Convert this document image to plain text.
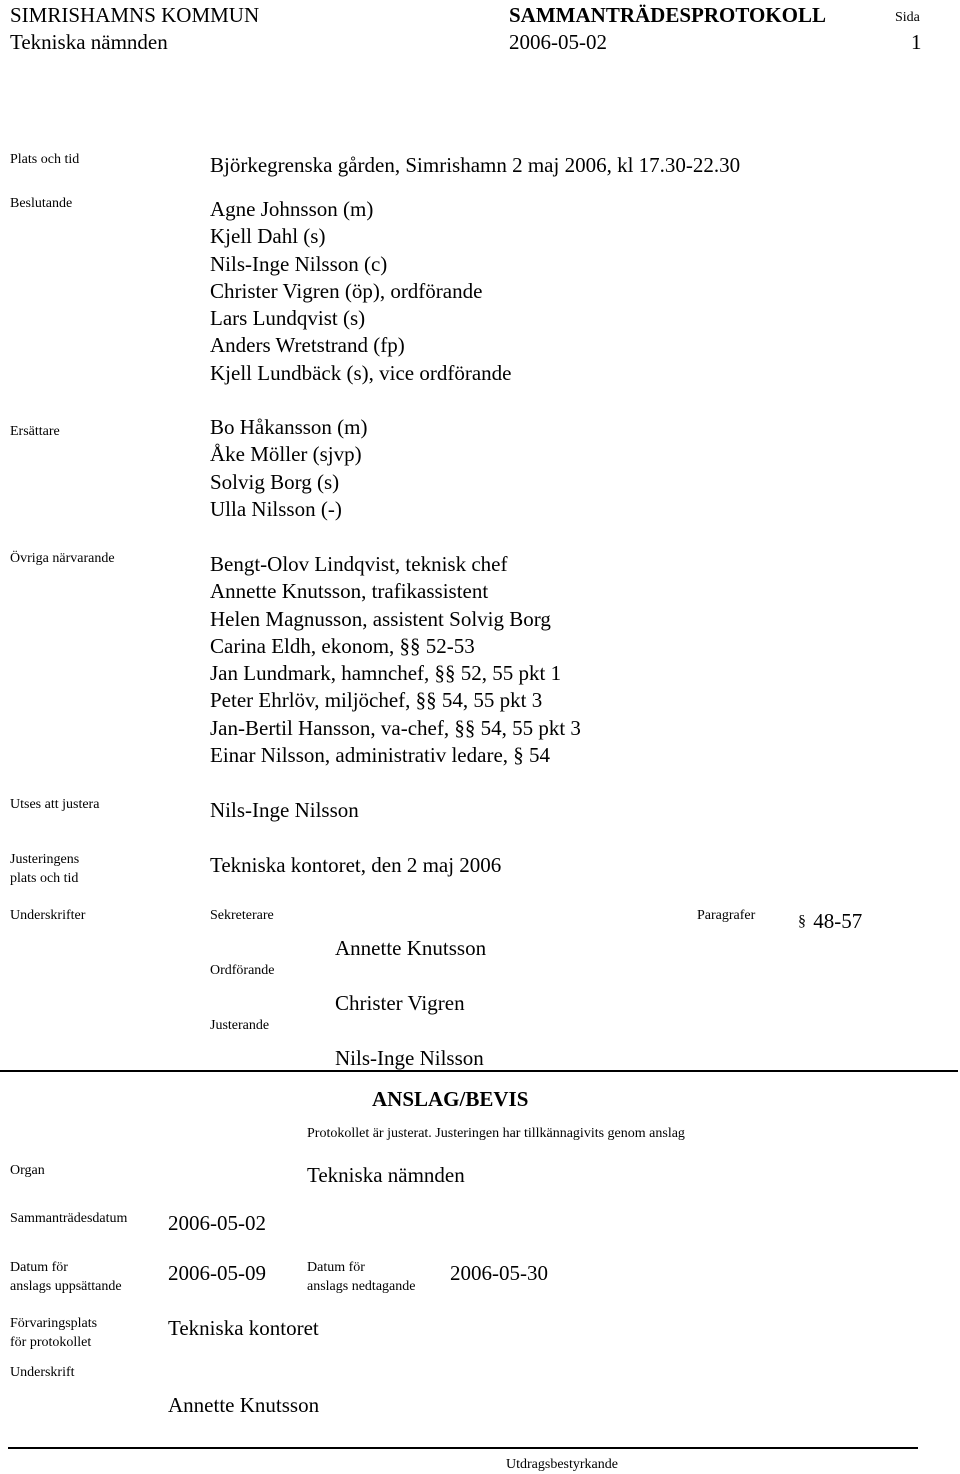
SIMRISHAMNS KOMMUN
Tekniska nämnden
SAMMANTRÄDESPROTOKOLL
2006-05-02
Sida
1
Plats och tid	Björkegrenska gården, Simrishamn 2 maj 2006, kl 17.30-22.30
Beslutande	Agne Johnsson (m)
Kjell Dahl (s)
Nils-Inge Nilsson (c)
Christer Vigren (öp), ordförande
Lars Lundqvist (s)
Anders Wretstrand (fp)
Kjell Lundbäck (s), vice ordförande
Ersättare	Bo Håkansson (m)
Åke Möller (sjvp)
Solvig Borg (s)
Ulla Nilsson (-)
Övriga närvarande	Bengt-Olov Lindqvist, teknisk chef
Annette Knutsson, trafikassistent
Helen Magnusson, assistent Solvig Borg
Carina Eldh, ekonom, §§ 52-53
Jan Lundmark, hamnchef, §§ 52, 55 pkt 1
Peter Ehrlöv, miljöchef, §§ 54, 55 pkt 3
Jan-Bertil Hansson, va-chef, §§ 54, 55 pkt 3
Einar Nilsson, administrativ ledare, § 54
Utses att justera	Nils-Inge Nilsson
Justeringens
plats och tid
Tekniska kontoret, den 2 maj 2006
Underskrifter	Sekreterare	Paragrafer	§ 48-57
Annette Knutsson
Ordförande
Christer Vigren
Justerande
Nils-Inge Nilsson
ANSLAG/BEVIS
Protokollet är justerat. Justeringen har tillkännagivits genom anslag
Organ	Tekniska nämnden
Sammanträdesdatum 2006-05-02
Datum för
anslags uppsättande
2006-05-09	Datum för
anslags nedtagande
2006-05-30
Förvaringsplats
för protokollet
Tekniska kontoret
Underskrift
Annette Knutsson
Utdragsbestyrkande
